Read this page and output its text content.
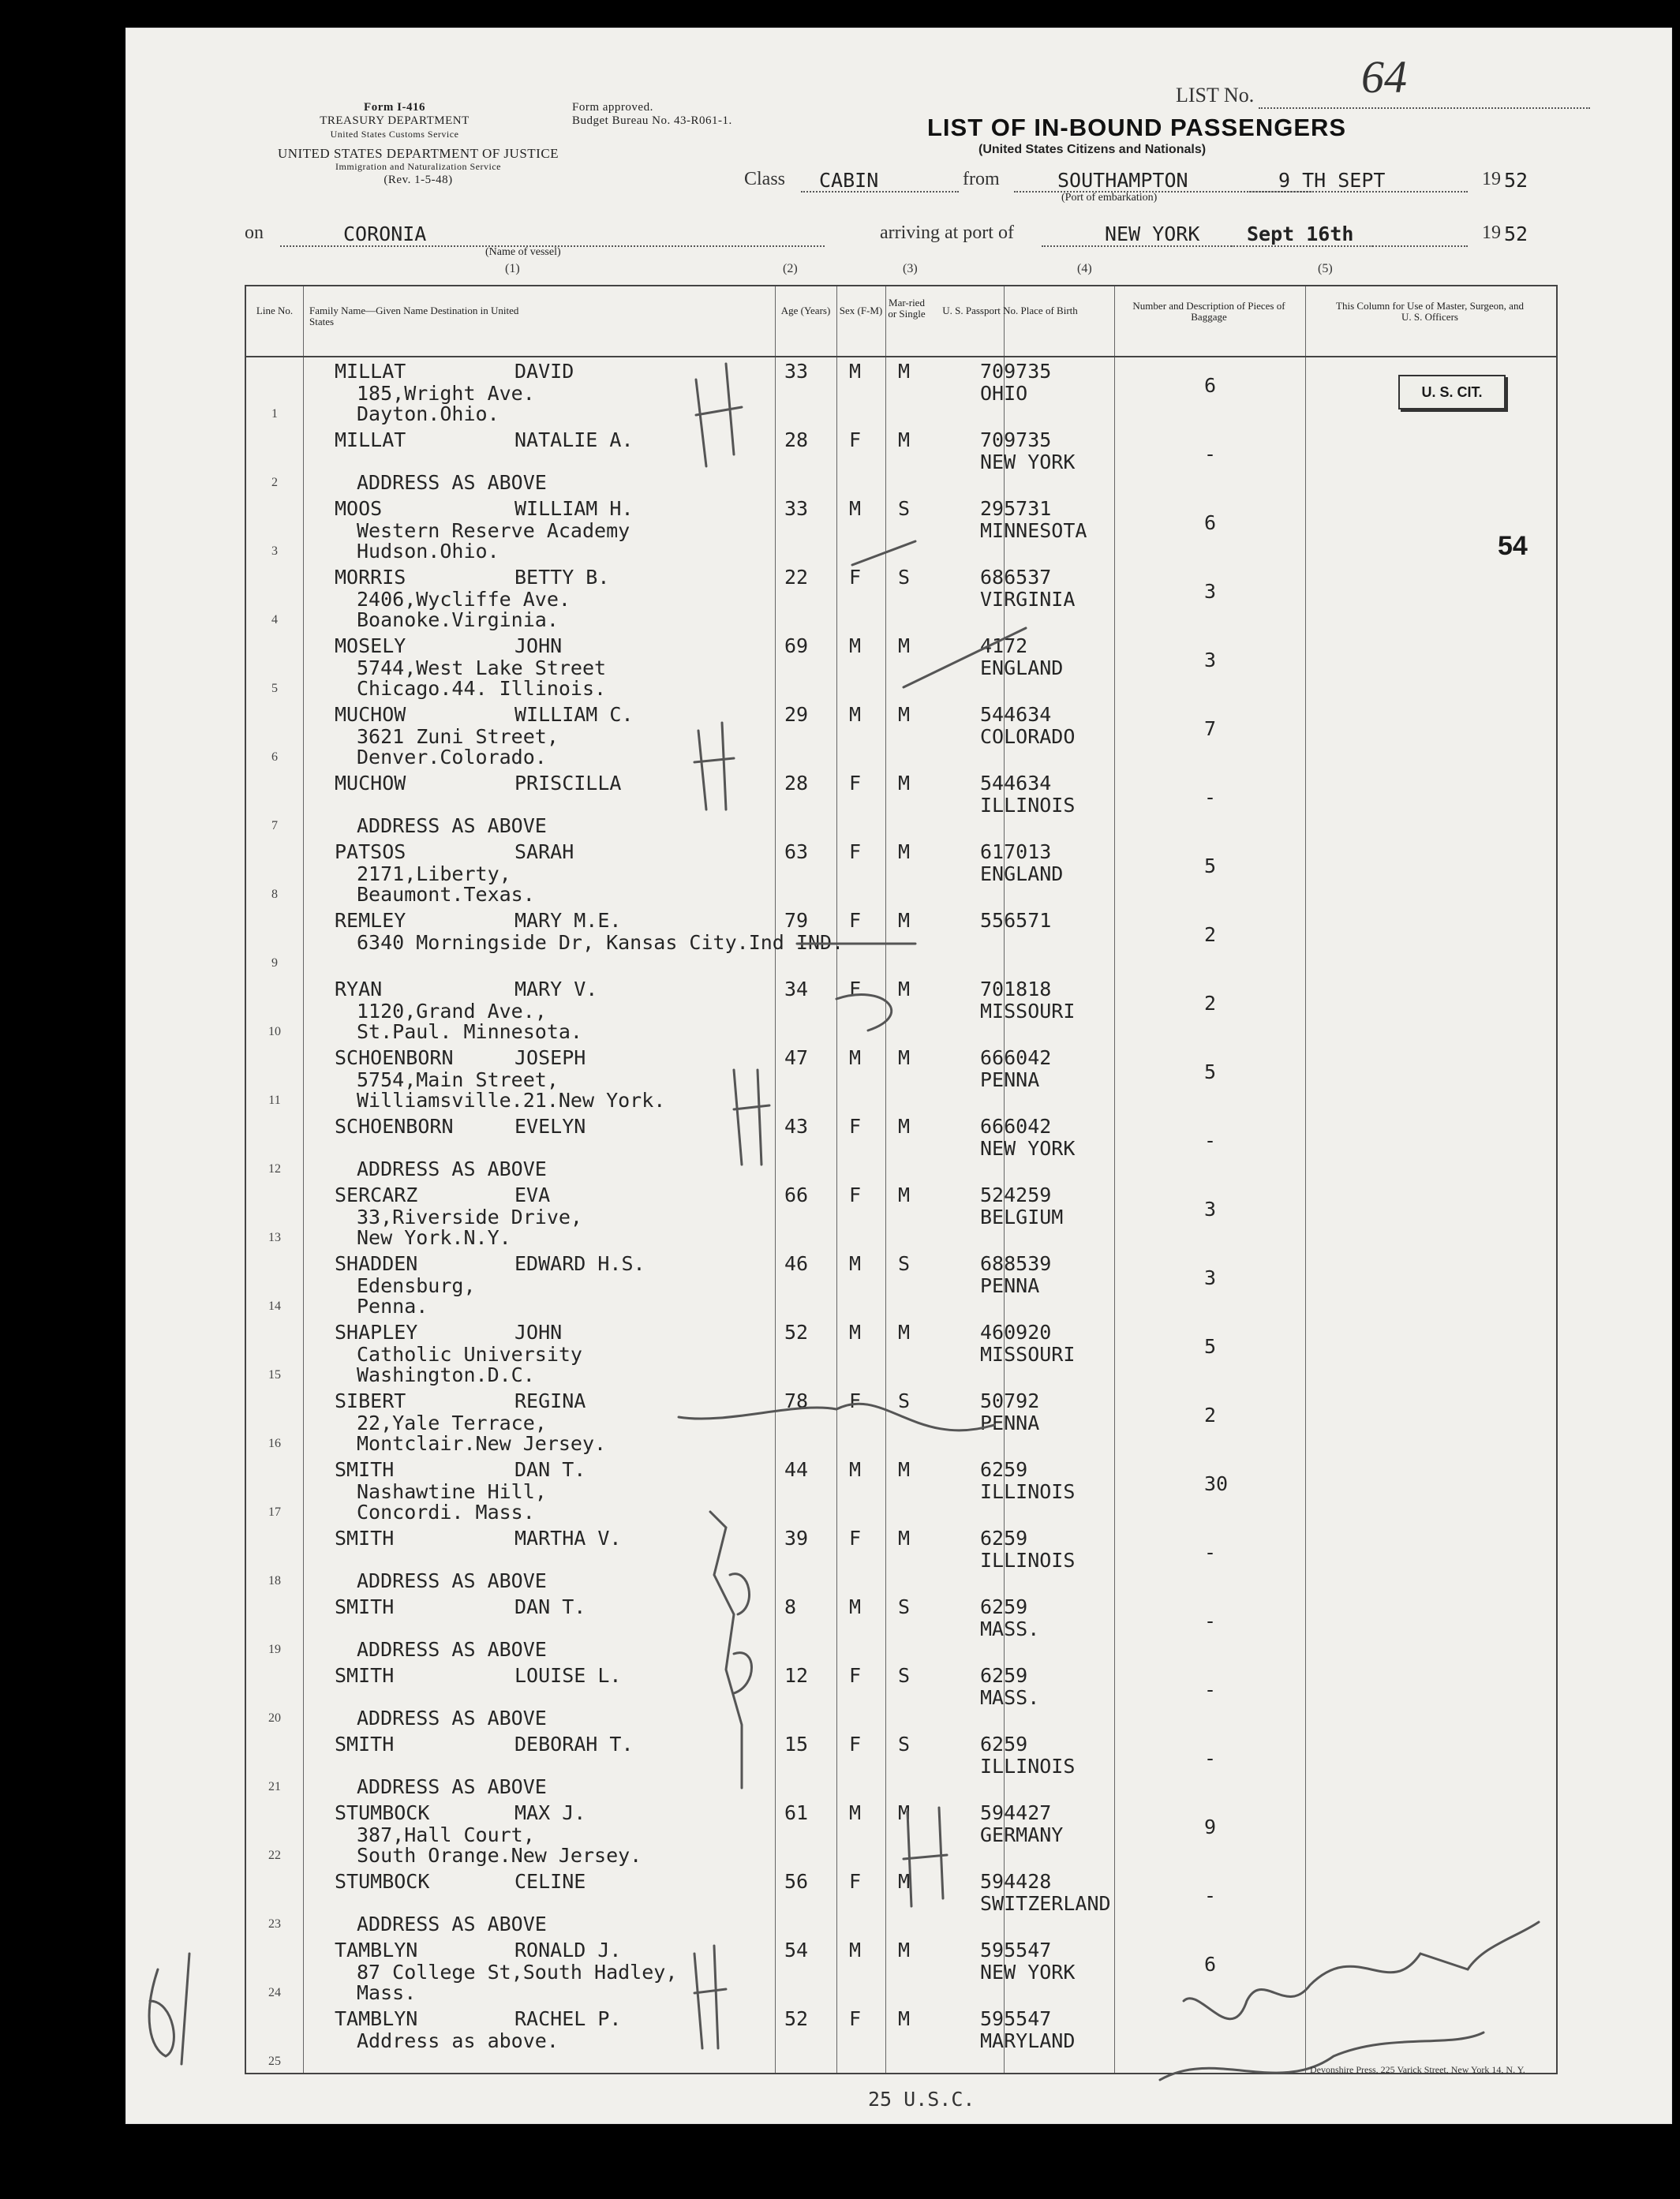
Form I-416
TREASURY DEPARTMENT
United States Customs Service
Form approved.
Budget Bureau No. 43-R061-1.
UNITED STATES DEPARTMENT OF JUSTICE
Immigration and Naturalization Service
(Rev. 1-5-48)
LIST No. 64
LIST OF IN-BOUND PASSENGERS
(United States Citizens and Nationals)
Class CABIN	from	SOUTHAMPTON	9 TH SEPT	19 52
(Port of embarkation)
on	CORONIA
(Name of vessel)
arriving at port of	NEW YORK Sept 16th	19 52
(1)	(2)	(3)	(4)	(5)
Line No.	Family Name—Given Name Destination in United States
Age (Years) Sex (F-M)
Mar-ried or Single	U. S. Passport No. Place of Birth	Number and Description of Pieces of Baggage
This Column for Use of Master, Surgeon, and U. S. Officers
1
MILLAT	DAVID	33 M M	709735
OHIO	6
185,Wright Ave.
Dayton.Ohio.
2
MILLAT	NATALIE A.	28 F M	709735
NEW YORK	-
ADDRESS AS ABOVE
3
MOOS	WILLIAM H.	33 M S	295731
MINNESOTA	6
Western Reserve Academy
Hudson.Ohio.
4
MORRIS	BETTY B.	22 F S	686537
VIRGINIA	3
2406,Wycliffe Ave.
Boanoke.Virginia.
5
MOSELY	JOHN	69 M M	4172
ENGLAND	3
5744,West Lake Street
Chicago.44. Illinois.
6
MUCHOW	WILLIAM C.	29 M M	544634
COLORADO	7
3621 Zuni Street,
Denver.Colorado.
7
MUCHOW	PRISCILLA	28 F M	544634
ILLINOIS	-
ADDRESS AS ABOVE
8
PATSOS	SARAH	63 F M	617013
ENGLAND	5
2171,Liberty,
Beaumont.Texas.
9
REMLEY	MARY M.E.	79 F M	556571
2
6340 Morningside Dr, Kansas City.Ind IND.
10
RYAN	MARY V.	34 F M	701818
MISSOURI	2
1120,Grand Ave.,
St.Paul. Minnesota.
11
SCHOENBORN	JOSEPH	47 M M	666042
PENNA	5
5754,Main Street,
Williamsville.21.New York.
12
SCHOENBORN	EVELYN	43 F M	666042
NEW YORK	-
ADDRESS AS ABOVE
13
SERCARZ	EVA	66 F M	524259
BELGIUM	3
33,Riverside Drive,
New York.N.Y.
14
SHADDEN	EDWARD H.S.	46 M S	688539
PENNA	3
Edensburg,
Penna.
15
SHAPLEY	JOHN	52 M M	460920
MISSOURI	5
Catholic University
Washington.D.C.
16
SIBERT	REGINA	78 F S	50792
PENNA	2
22,Yale Terrace,
Montclair.New Jersey.
17
SMITH	DAN T.	44 M M	6259
ILLINOIS	30
Nashawtine Hill,
Concordi. Mass.
18
SMITH	MARTHA V.	39 F M	6259
ILLINOIS	-
ADDRESS AS ABOVE
19
SMITH	DAN T.	8	M S	6259
MASS.	-
ADDRESS AS ABOVE
20
SMITH	LOUISE L.	12 F S	6259
MASS.	-
ADDRESS AS ABOVE
21
SMITH	DEBORAH T.	15 F S	6259
ILLINOIS	-
ADDRESS AS ABOVE
22
STUMBOCK	MAX J.	61 M M	594427
GERMANY	9
387,Hall Court,
South Orange.New Jersey.
23
STUMBOCK	CELINE	56 F M	594428
SWITZERLAND	-
ADDRESS AS ABOVE
24
TAMBLYN	RONALD J.	54 M M	595547
NEW YORK	6
87 College St,South Hadley,
Mass.
25
TAMBLYN	RACHEL P.	52 F M	595547
MARYLAND
Address as above.
U. S. CIT.
54
25 U.S.C.
Devonshire Press, 225 Varick Street, New York 14, N. Y.
